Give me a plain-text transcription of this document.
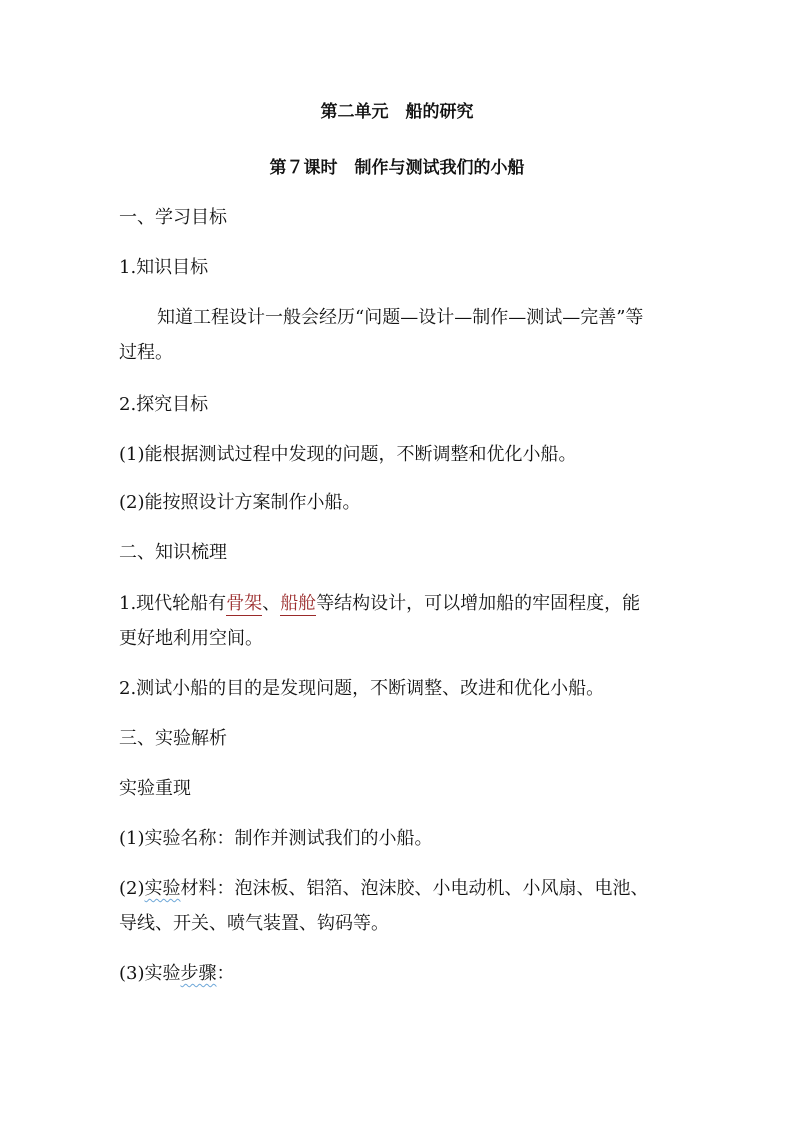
第二单元　船的研究
第７课时　制作与测试我们的小船

一、学习目标

1.知识目标

知道工程设计一般会经历“问题—设计—制作—测试—完善”等

过程。

2.探究目标

(1)能根据测试过程中发现的问题，不断调整和优化小船。

(2)能按照设计方案制作小船。

二、知识梳理

1.现代轮船有骨架、船舱等结构设计，可以增加船的牢固程度，能

更好地利用空间。

2.测试小船的目的是发现问题，不断调整、改进和优化小船。

三、实验解析

实验重现

(1)实验名称：制作并测试我们的小船。

(2)实验材料：泡沫板、铝箔、泡沫胶、小电动机、小风扇、电池、

导线、开关、喷气装置、钩码等。

(3)实验步骤：
